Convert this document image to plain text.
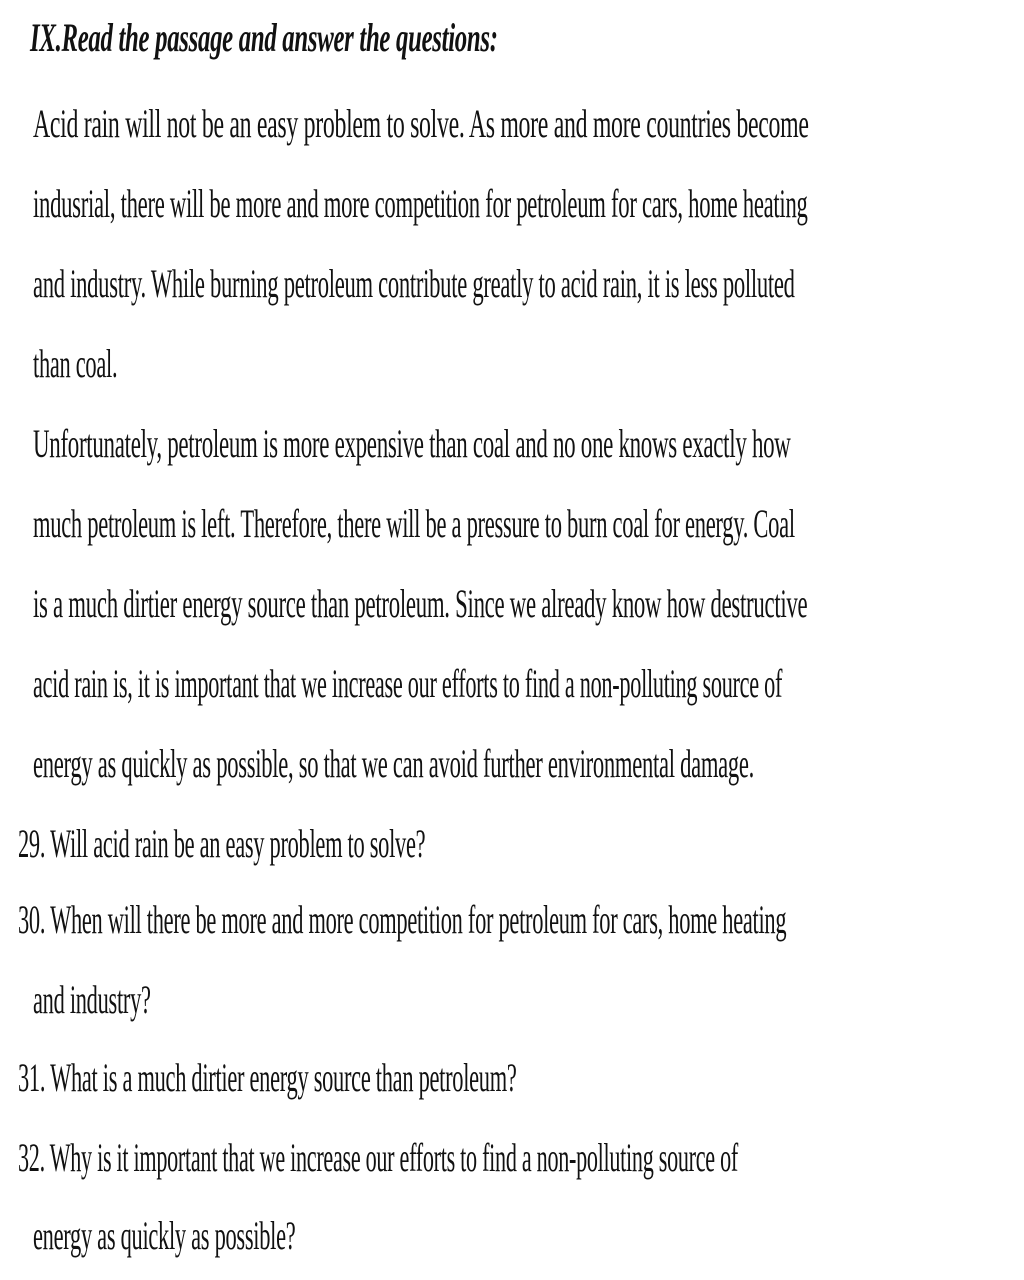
IX.Read the passage and answer the questions:
Acid rain will not be an easy problem to solve. As more and more countries become
indusrial, there will be more and more competition for petroleum for cars, home heating
and industry. While burning petroleum contribute greatly to acid rain, it is less polluted
than coal.
Unfortunately, petroleum is more expensive than coal and no one knows exactly how
much petroleum is left. Therefore, there will be a pressure to burn coal for energy. Coal
is a much dirtier energy source than petroleum. Since we already know how destructive
acid rain is, it is important that we increase our efforts to find a non-polluting source of
energy as quickly as possible, so that we can avoid further environmental damage.
29. Will acid rain be an easy problem to solve?
30. When will there be more and more competition for petroleum for cars, home heating
and industry?
31. What is a much dirtier energy source than petroleum?
32. Why is it important that we increase our efforts to find a non-polluting source of
energy as quickly as possible?
